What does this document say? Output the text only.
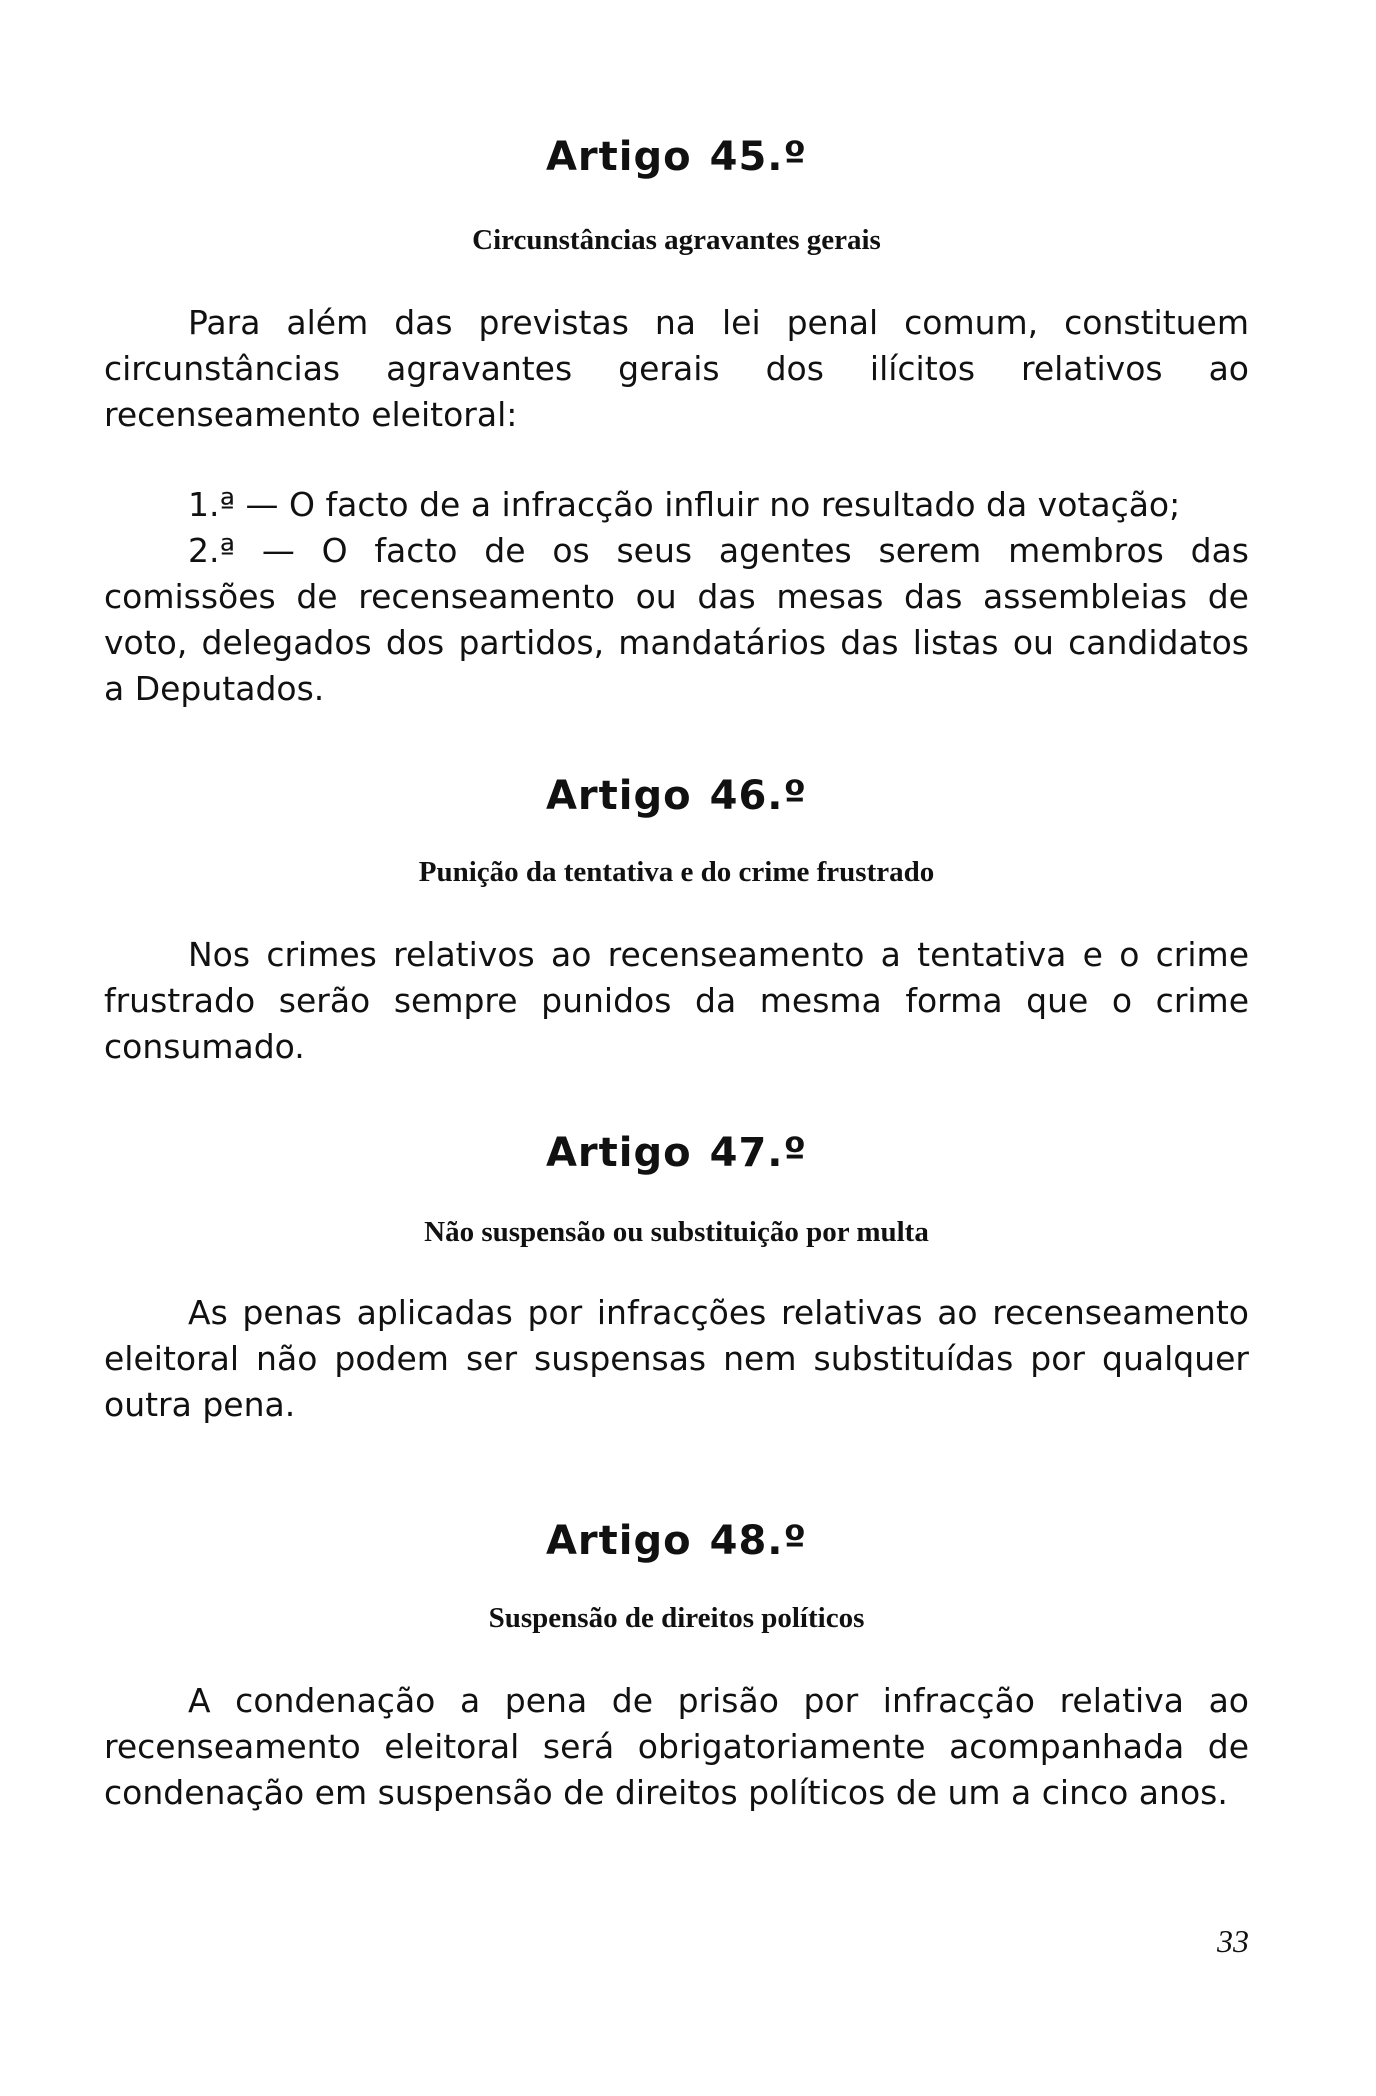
Artigo 45.º
Circunstâncias agravantes gerais

Para além das previstas na lei penal comum, constituem circunstâncias agravantes gerais dos ilícitos relativos ao recenseamento eleitoral:

1.ª — O facto de a infracção influir no resultado da votação;
2.ª — O facto de os seus agentes serem membros das comissões de recenseamento ou das mesas das assembleias de voto, delegados dos partidos, mandatários das listas ou candidatos a Deputados.
Artigo 46.º
Punição da tentativa e do crime frustrado

Nos crimes relativos ao recenseamento a tentativa e o crime frustrado serão sempre punidos da mesma forma que o crime consumado.

Artigo 47.º
Não suspensão ou substituição por multa

As penas aplicadas por infracções relativas ao recenseamento eleitoral não podem ser suspensas nem substituídas por qualquer outra pena.

Artigo 48.º
Suspensão de direitos políticos

A condenação a pena de prisão por infracção relativa ao recenseamento eleitoral será obrigatoriamente acompanhada de condenação em suspensão de direitos políticos de um a cinco anos.

33
